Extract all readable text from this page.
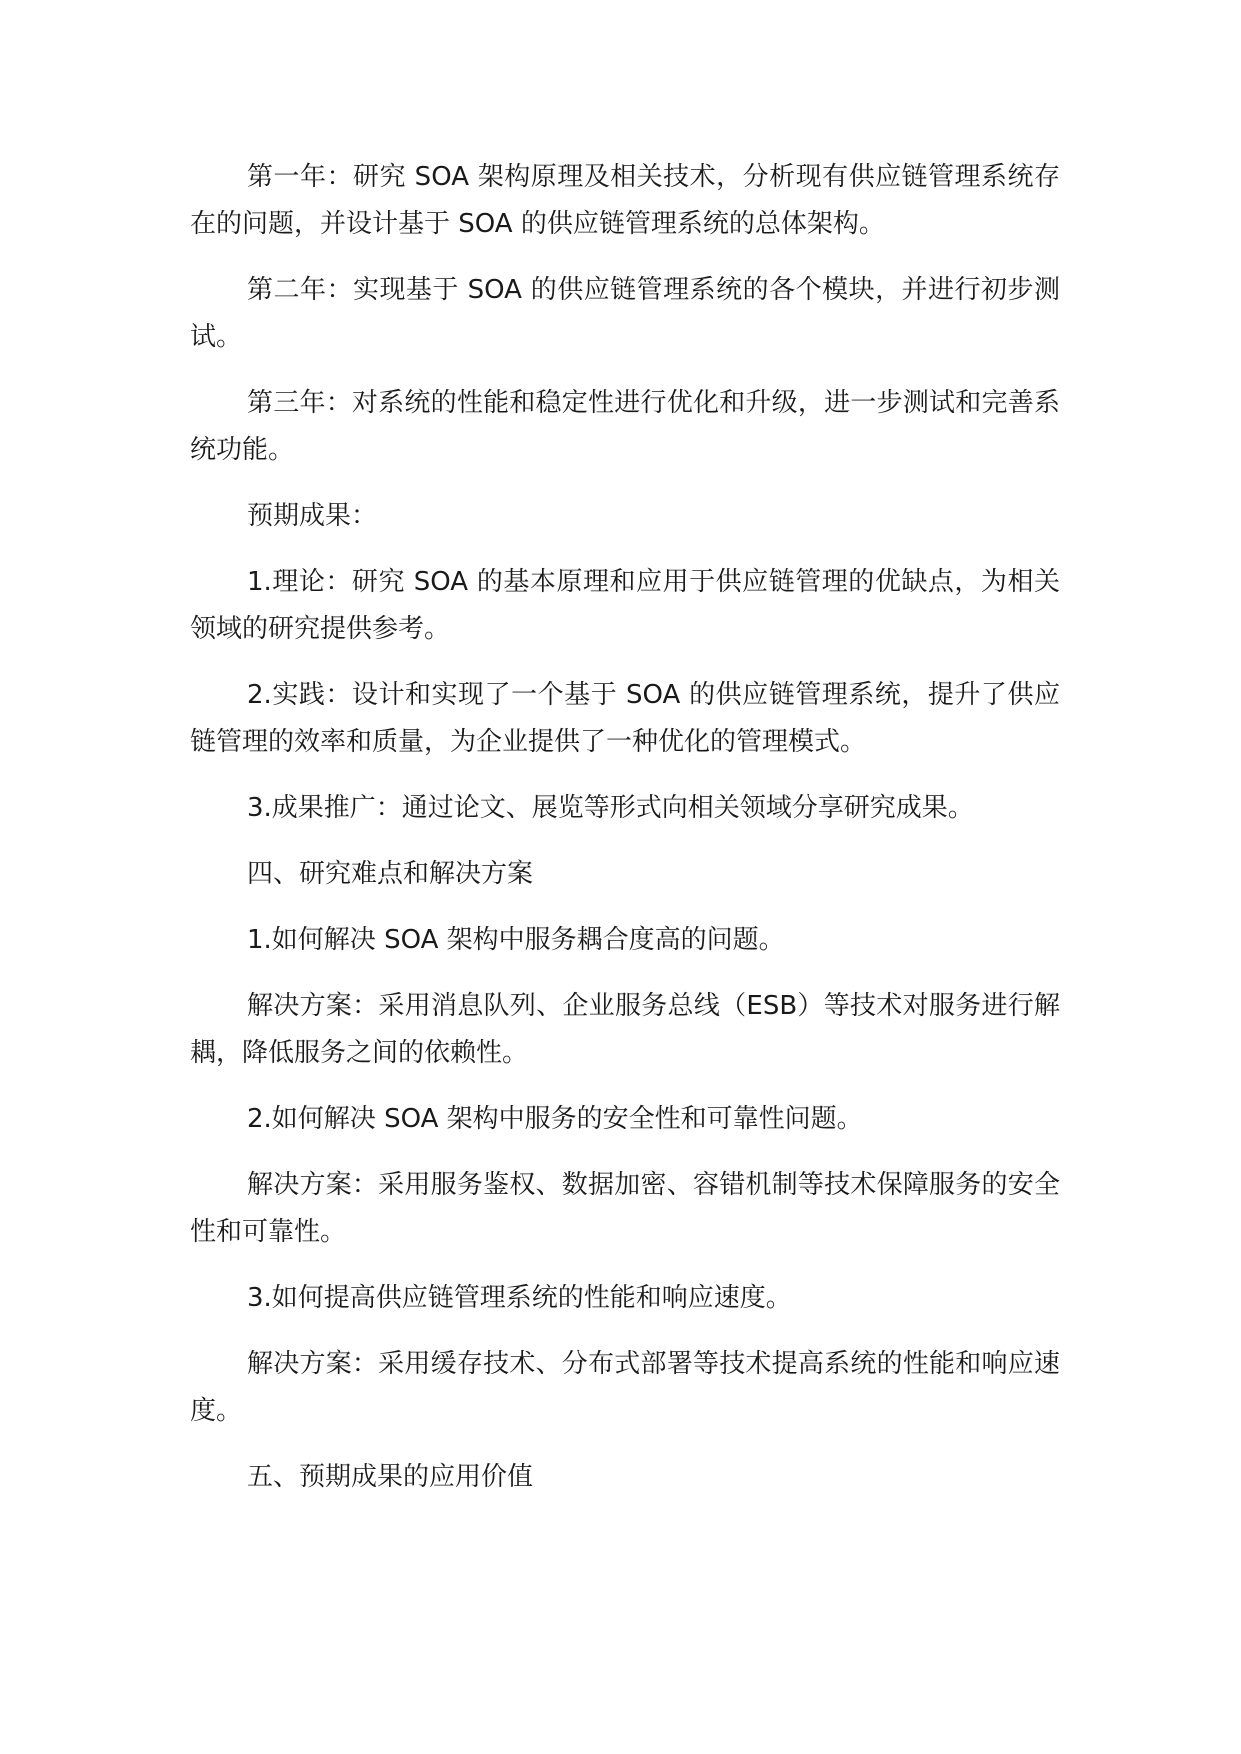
第一年：研究 SOA 架构原理及相关技术，分析现有供应链管理系统存在的问题，并设计基于 SOA 的供应链管理系统的总体架构。

第二年：实现基于 SOA 的供应链管理系统的各个模块，并进行初步测试。

第三年：对系统的性能和稳定性进行优化和升级，进一步测试和完善系统功能。

预期成果：

1.理论：研究 SOA 的基本原理和应用于供应链管理的优缺点，为相关领域的研究提供参考。

2.实践：设计和实现了一个基于 SOA 的供应链管理系统，提升了供应链管理的效率和质量，为企业提供了一种优化的管理模式。

3.成果推广：通过论文、展览等形式向相关领域分享研究成果。

四、研究难点和解决方案

1.如何解决 SOA 架构中服务耦合度高的问题。

解决方案：采用消息队列、企业服务总线（ESB）等技术对服务进行解耦，降低服务之间的依赖性。

2.如何解决 SOA 架构中服务的安全性和可靠性问题。

解决方案：采用服务鉴权、数据加密、容错机制等技术保障服务的安全性和可靠性。

3.如何提高供应链管理系统的性能和响应速度。

解决方案：采用缓存技术、分布式部署等技术提高系统的性能和响应速度。

五、预期成果的应用价值
